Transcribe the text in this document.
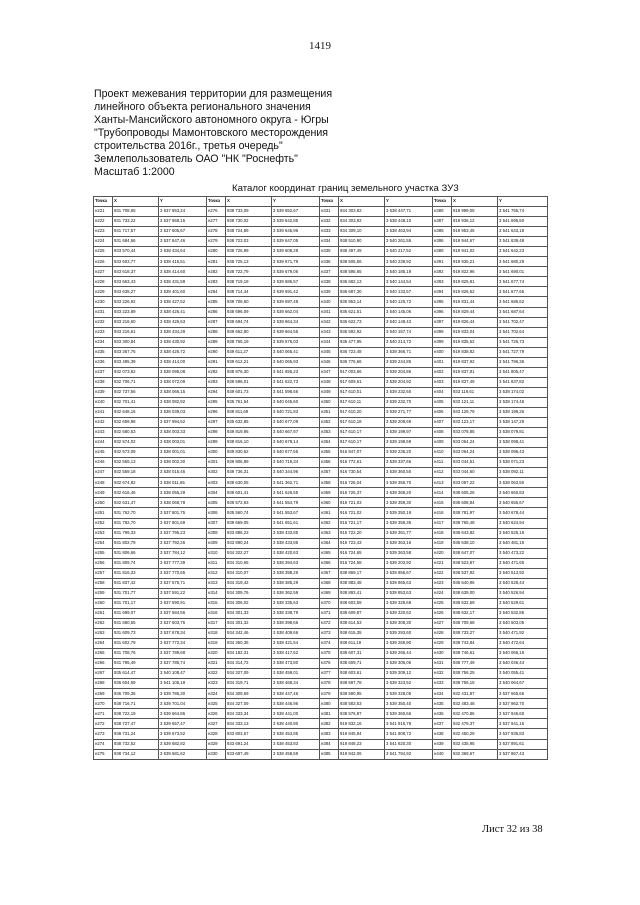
1419
Проект межевания территории для размещения
линейного объекта регионального значения
Ханты-Мансийского автономного округа - Югры
"Трубопроводы Мамонтовского месторождения
строительства 2016г., третья очередь"
Землепользователь ОАО "НК "Роснефть"
Масштаб 1:2000
Каталог координат границ земельного участка ЗУ3
Точка	X	Y	Точка	X	Y	Точка	X	Y	Точка	X	Y
н221	931 708,65	3 537 653,24	н276	938 733,09	3 539 652,67	н331	934 303,82	3 538 447,71	н389	919 999,05	3 541 755,74
н222	931 733,22	3 537 658,15	н277	938 730,02	3 539 642,85	н332	934 303,92	3 538 448,10	н387	919 936,12	3 541 695,50
н223	931 717,57	3 537 605,67	н278	938 724,89	3 539 645,96	н333	934 309,10	3 538 463,94	н385	919 953,45	3 541 643,18
н224	931 684,66	3 537 647,46	н279	938 723,03	3 539 647,05	н334	938 510,90	3 540 261,55	н386	919 944,67	3 541 639,48
н225	933 570,44	3 538 434,64	н280	938 726,99	3 539 608,28	н335	938 497,49	3 540 217,52	н389	919 941,02	3 541 642,23
н226	933 603,77	3 538 415,51	н281	938 725,13	3 539 671,79	н336	938 505,56	3 540 239,92	н391	919 935,21	3 541 680,29
н227	933 618,37	3 538 414,60	н282	938 722,79	3 539 679,06	н337	938 595,65	3 540 185,19	н392	919 822,96	3 541 690,01
н228	933 663,43	3 538 431,59	н283	938 719,19	3 539 686,57	н338	936 682,13	3 540 144,54	н393	919 825,81	3 541 677,74
н229	933 635,27	3 538 401,60	н284	938 714,44	3 539 691,42	н339	936 687,30	3 540 133,57	н394	919 826,52	3 541 677,65
н230	933 226,92	3 538 427,52	н285	939 706,60	3 539 697,48	н340	936 953,14	3 540 125,72	н395	919 831,44	3 541 686,62
н231	933 223,89	3 538 426,41	н286	938 696,09	3 539 662,04	н341	936 621,51	3 540 145,06	н396	919 829,44	3 541 687,64
н232	933 216,60	3 538 426,63	н287	938 694,74	3 539 664,34	н342	936 622,73	3 540 148,43	н397	919 826,44	3 541 702,47
н233	933 216,61	3 538 434,29	н288	939 662,80	3 539 664,55	н343	936 592,92	3 540 157,74	н399	919 833,04	3 541 702,64
н234	933 300,84	3 538 430,92	н289	938 755,19	3 539 576,03	н344	936 477,95	3 540 214,72	н399	919 835,52	3 541 726,73
н235	933 367,76	3 538 426,72	н290	939 611,27	3 540 065,41	н345	936 723,48	3 539 366,71	н400	919 838,82	3 541 727,79
н236	933 495,39	3 538 414,00	н291	939 612,21	3 540 065,93	н346	936 776,66	3 539 244,85	н401	919 837,92	3 541 796,36
н237	932 073,62	3 538 096,08	н292	938 876,30	3 541 655,23	н347	917 003,66	3 539 204,86	н402	919 837,81	3 541 805,47
н238	932 706,71	3 538 072,09	н293	939 596,01	3 541 622,73	н348	917 609,61	3 539 204,92	н403	919 837,49	3 541 837,82
н239	932 737,56	3 538 066,15	н294	939 601,73	3 541 598,56	н349	917 610,01	3 539 232,60	н404	933 119,61	3 538 174,02
н240	932 701,41	3 538 082,92	н295	935 761,64	3 540 045,60	н350	917 610,11	3 539 232,70	н405	933 121,11	3 538 174,46
н241	932 648,16	3 538 039,03	н296	939 811,69	3 540 721,83	н351	917 610,20	3 539 271,77	н406	933 129,79	3 538 199,26
н242	932 659,98	3 537 994,52	н297	935 632,85	3 540 677,09	н352	917 610,18	3 539 209,69	н407	933 123,17	3 538 147,29
н243	932 680,53	3 538 003,33	н298	939 819,95	3 540 667,87	н353	917 610,17	3 539 199,97	н408	933 078,85	3 538 079,81
н244	932 574,02	3 538 003,01	н299	939 816,10	3 540 679,14	н354	917 610,17	3 539 199,59	н409	933 064,24	3 538 098,41
н245	932 573,09	3 538 001,01	н300	939 830,62	3 540 677,55	н355	916 947,07	3 539 235,20	н410	933 064,24	3 538 096,43
н246	932 555,13	3 538 002,30	н301	939 806,89	3 540 719,34	н356	916 772,61	3 539 337,66	н411	933 044,51	3 538 071,23
н247	932 559,18	3 538 015,46	н302	939 736,31	3 540 344,96	н357	916 730,54	3 539 360,50	н412	933 044,60	3 538 092,11
н248	932 674,82	3 538 011,65	н303	939 630,05	3 541 362,71	н358	916 726,04	3 539 356,70	н413	933 097,22	3 538 063,50
н249	932 616,46	3 538 055,29	н304	939 601,41	3 541 626,55	н359	916 725,37	3 539 369,20	н414	938 605,26	3 540 660,83
н250	932 631,47	3 538 068,78	н305	939 572,93	3 541 554,79	н360	916 721,03	3 539 359,30	н415	938 608,84	3 540 655,67
н251	931 762,70	3 537 801,75	н306	935 560,74	3 541 553,67	н361	916 721,02	3 539 350,19	н416	938 781,97	3 540 678,44
н252	931 792,70	3 537 801,69	н307	939 669,05	3 541 651,61	н362	916 721,17	3 539 359,35	н417	938 765,48	3 540 624,94
н253	931 799,33	3 537 795,23	н308	933 886,23	3 538 433,85	н363	916 722,20	3 539 361,77	н418	938 643,82	3 540 525,16
н254	931 802,79	3 537 792,26	н309	933 890,24	3 538 433,85	н364	916 723,43	3 539 363,16	н419	938 638,10	3 540 481,16
н255	931 806,66	3 537 784,12	н310	934 322,27	3 538 420,63	н365	916 724,65	3 539 363,58	н420	938 647,07	3 540 473,22
н256	931 809,74	3 537 777,39	н311	934 310,65	3 538 394,63	н366	916 724,68	3 539 203,92	н421	938 523,87	3 540 471,65
н257	931 816,33	3 537 770,65	н312	934 310,07	3 538 398,26	н367	938 869,17	3 539 856,67	н422	938 537,92	3 540 513,92
н258	931 837,42	3 537 675,71	н313	934 319,42	3 538 385,29	н368	938 883,48	3 539 865,63	н423	938 640,96	3 540 528,44
н259	931 701,77	3 537 591,22	н314	934 309,76	3 538 362,59	н369	938 893,41	3 539 853,63	н424	938 639,00	3 540 526,94
н260	931 701,17	3 537 590,91	н315	934 306,02	3 538 335,63	н370	938 603,59	3 539 329,68	н425	938 632,59	3 540 529,61
н261	931 699,07	3 537 584,56	н316	934 301,33	3 538 338,79	н371	938 609,87	3 539 320,62	н426	938 632,17	3 540 532,86
н262	931 680,55	3 537 603,75	н317	934 301,32	3 538 398,66	н372	938 614,53	3 539 308,30	н427	938 709,68	3 540 503,05
н263	931 609,73	3 537 678,34	н318	934 342,46	3 538 409,66	н373	938 615,35	3 539 293,60	н428	938 733,27	3 540 471,92
н264	931 602,79	3 537 772,34	н319	934 350,35	3 538 421,54	н374	938 611,19	3 539 266,90	н429	938 743,84	3 540 472,64
н265	931 708,76	3 537 789,68	н320	934 182,31	3 538 417,62	н375	938 607,31	3 539 266,44	н430	938 746,61	3 540 066,16
н266	931 795,49	3 537 785,74	н321	934 314,72	3 538 473,80	н376	938 609,71	3 539 306,06	н431	938 777,49	3 540 046,44
н267	935 614,47	3 540 108,47	н322	934 327,09	3 538 459,01	н377	938 603,61	3 539 309,12	н432	938 756,25	3 540 055,41
н268	936 604,59	3 541 105,18	н323	934 319,71	3 538 468,34	н378	938 597,78	3 539 323,52	н433	938 756,15	3 540 064,67
н269	936 709,35	3 539 785,30	н324	934 309,69	3 538 447,46	н379	938 590,95	3 539 328,05	н434	932 431,87	3 537 665,66
н270	938 716,71	3 539 701,04	н325	934 327,09	3 538 446,96	н380	938 583,53	3 539 350,40	н435	932 483,48	3 537 962,70
н271	938 722,19	3 539 664,86	н326	934 333,34	3 538 441,00	н381	938 576,87	3 539 360,66	н436	932 470,86	3 537 946,60
н272	938 727,47	3 539 657,47	н327	934 333,13	3 538 440,80	н382	919 832,16	3 541 816,78	н437	932 479,37	3 537 941,16
н273	938 731,24	3 539 673,52	н328	933 803,57	3 538 453,85	н383	919 845,84	3 541 808,72	н438	932 450,29	3 537 935,83
н274	938 732,52	3 539 682,82	н329	933 691,24	3 538 453,83	н384	919 848,23	3 541 820,30	н439	932 435,95	3 537 891,61
н275	938 734,12	3 539 681,62	н330	933 687,49	3 538 458,59	н385	919 842,06	3 541 794,92	н440	932 369,67	3 537 867,43
Лист 32 из 38
